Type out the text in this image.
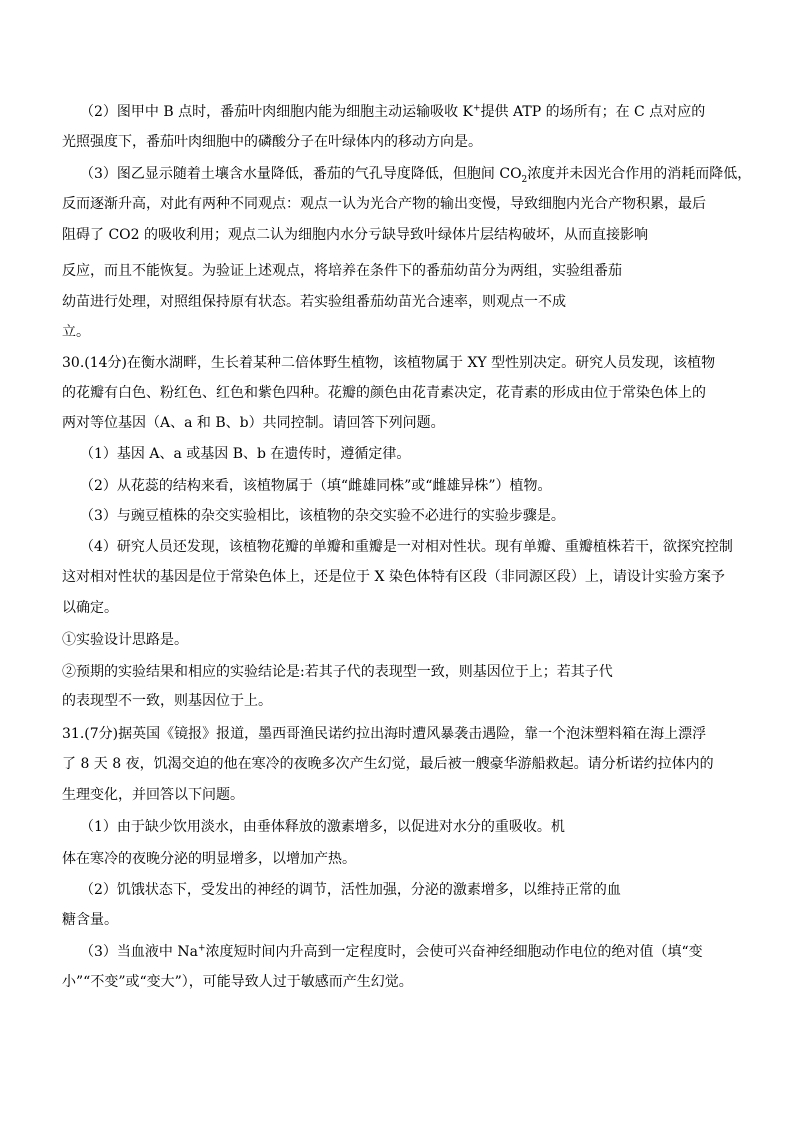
（2）图甲中 B 点时，番茄叶肉细胞内能为细胞主动运输吸收 K+提供 ATP 的场所有；在 C 点对应的
光照强度下，番茄叶肉细胞中的磷酸分子在叶绿体内的移动方向是。
（3）图乙显示随着土壤含水量降低，番茄的气孔导度降低，但胞间 $CO_2$浓度并未因光合作用的消耗而降低，
反而逐渐升高，对此有两种不同观点：观点一认为光合产物的输出变慢，导致细胞内光合产物积累，最后
阻碍了 CO2 的吸收利用；观点二认为细胞内水分亏缺导致叶绿体片层结构破坏，从而直接影响
反应，而且不能恢复。为验证上述观点，将培养在条件下的番茄幼苗分为两组，实验组番茄
幼苗进行处理，对照组保持原有状态。若实验组番茄幼苗光合速率，则观点一不成
立。
30.(14分)在衡水湖畔，生长着某种二倍体野生植物，该植物属于 XY 型性别决定。研究人员发现，该植物
的花瓣有白色、粉红色、红色和紫色四种。花瓣的颜色由花青素决定，花青素的形成由位于常染色体上的
两对等位基因（A、a 和 B、b）共同控制。请回答下列问题。
（1）基因 A、a 或基因 B、b 在遗传时，遵循定律。
（2）从花蕊的结构来看，该植物属于（填“雌雄同株”或“雌雄异株”）植物。
（3）与豌豆植株的杂交实验相比，该植物的杂交实验不必进行的实验步骤是。
（4）研究人员还发现，该植物花瓣的单瓣和重瓣是一对相对性状。现有单瓣、重瓣植株若干，欲探究控制
这对相对性状的基因是位于常染色体上，还是位于 X 染色体特有区段（非同源区段）上，请设计实验方案予
以确定。
①实验设计思路是。
②预期的实验结果和相应的实验结论是:若其子代的表现型一致，则基因位于上；若其子代
的表现型不一致，则基因位于上。
31.(7分)据英国《镜报》报道，墨西哥渔民诺约拉出海时遭风暴袭击遇险，靠一个泡沫塑料箱在海上漂浮
了 8 天 8 夜，饥渴交迫的他在寒冷的夜晚多次产生幻觉，最后被一艘豪华游船救起。请分析诺约拉体内的
生理变化，并回答以下问题。
（1）由于缺少饮用淡水，由垂体释放的激素增多，以促进对水分的重吸收。机
体在寒冷的夜晚分泌的明显增多，以增加产热。
（2）饥饿状态下，受发出的神经的调节，活性加强，分泌的激素增多，以维持正常的血
糖含量。
（3）当血液中 Na+浓度短时间内升高到一定程度时，会使可兴奋神经细胞动作电位的绝对值（填“变
小”“不变”或“变大”），可能导致人过于敏感而产生幻觉。
